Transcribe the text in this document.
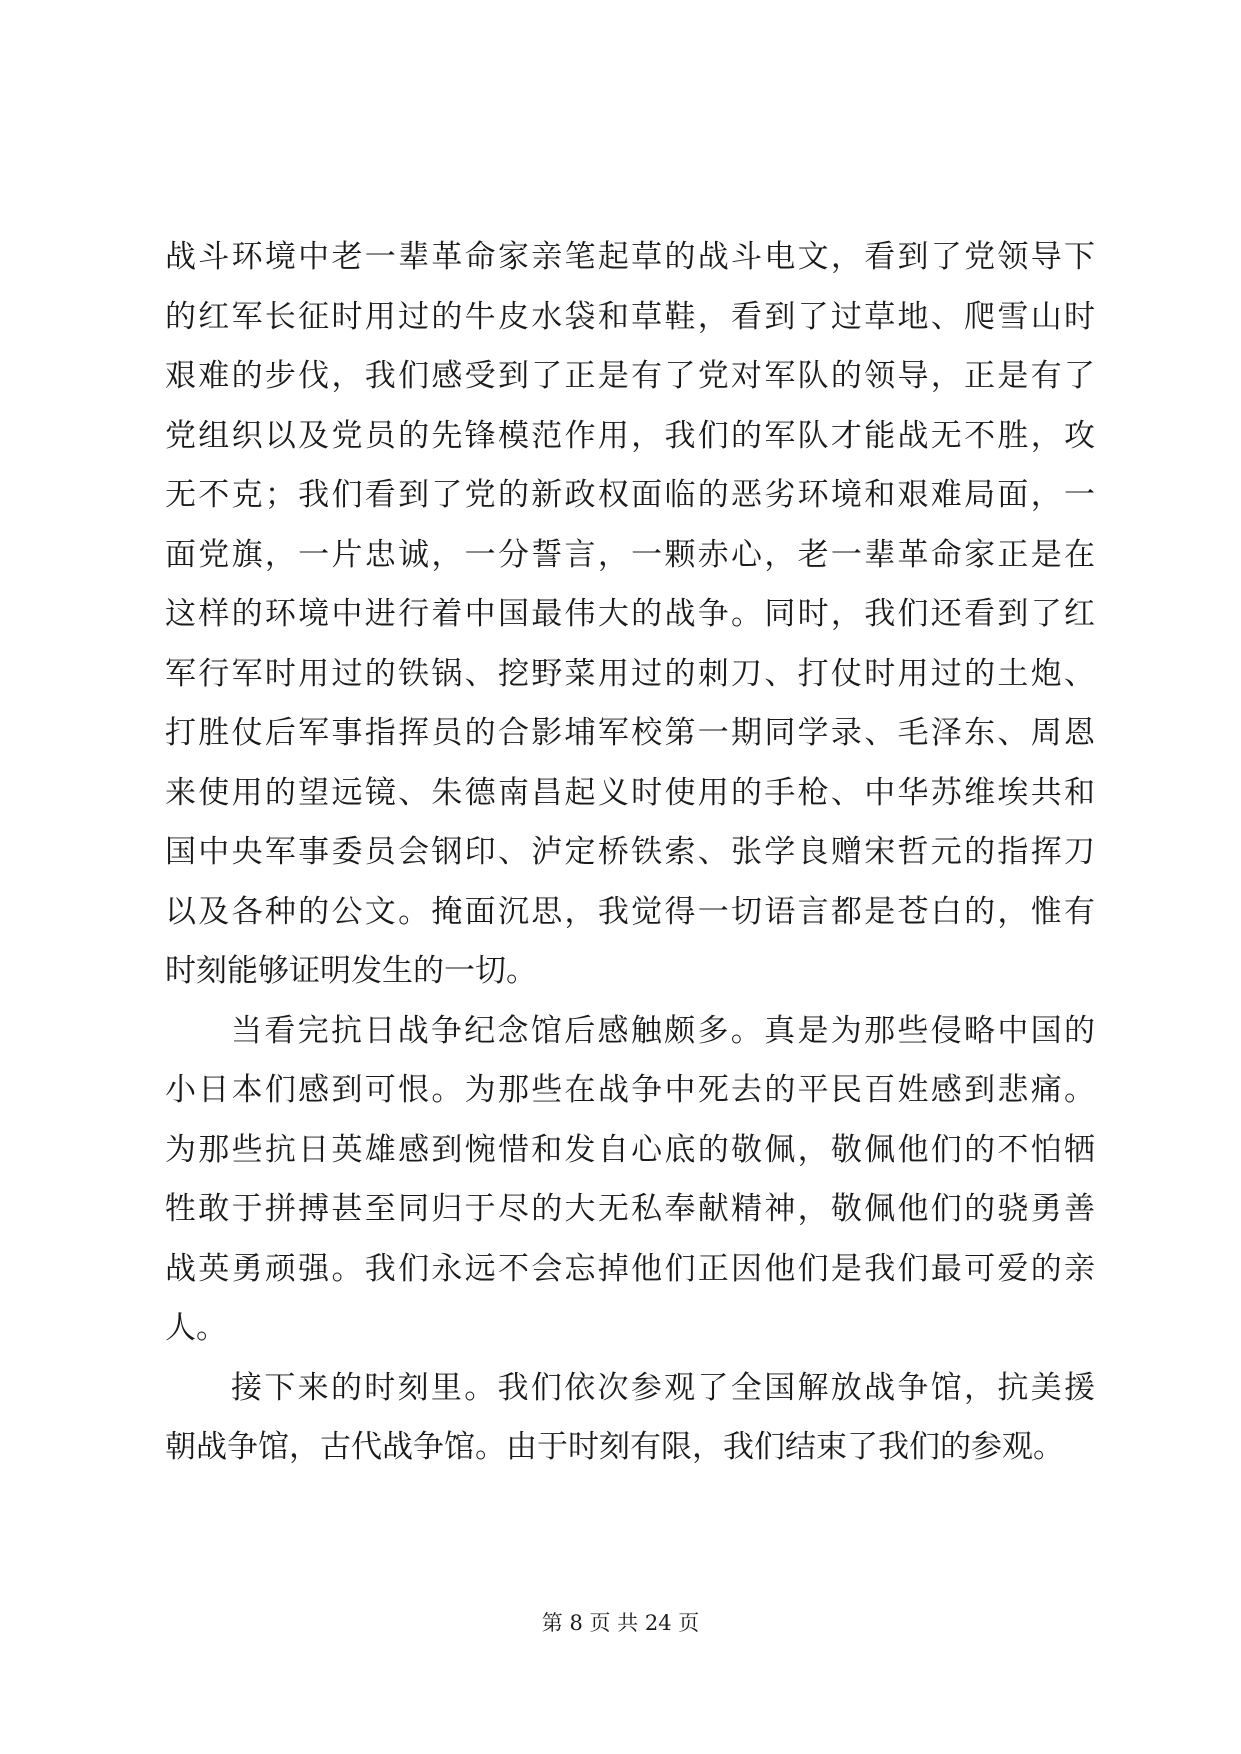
战斗环境中老一辈革命家亲笔起草的战斗电文，看到了党领导下
的红军长征时用过的牛皮水袋和草鞋，看到了过草地、爬雪山时
艰难的步伐，我们感受到了正是有了党对军队的领导，正是有了
党组织以及党员的先锋模范作用，我们的军队才能战无不胜，攻
无不克；我们看到了党的新政权面临的恶劣环境和艰难局面，一
面党旗，一片忠诚，一分誓言，一颗赤心，老一辈革命家正是在
这样的环境中进行着中国最伟大的战争。同时，我们还看到了红
军行军时用过的铁锅、挖野菜用过的刺刀、打仗时用过的土炮、
打胜仗后军事指挥员的合影埔军校第一期同学录、毛泽东、周恩
来使用的望远镜、朱德南昌起义时使用的手枪、中华苏维埃共和
国中央军事委员会钢印、泸定桥铁索、张学良赠宋哲元的指挥刀
以及各种的公文。掩面沉思，我觉得一切语言都是苍白的，惟有
时刻能够证明发生的一切。
当看完抗日战争纪念馆后感触颇多。真是为那些侵略中国的
小日本们感到可恨。为那些在战争中死去的平民百姓感到悲痛。
为那些抗日英雄感到惋惜和发自心底的敬佩，敬佩他们的不怕牺
牲敢于拼搏甚至同归于尽的大无私奉献精神，敬佩他们的骁勇善
战英勇顽强。我们永远不会忘掉他们正因他们是我们最可爱的亲
人。
接下来的时刻里。我们依次参观了全国解放战争馆，抗美援
朝战争馆，古代战争馆。由于时刻有限，我们结束了我们的参观。
第 8 页 共 24 页
